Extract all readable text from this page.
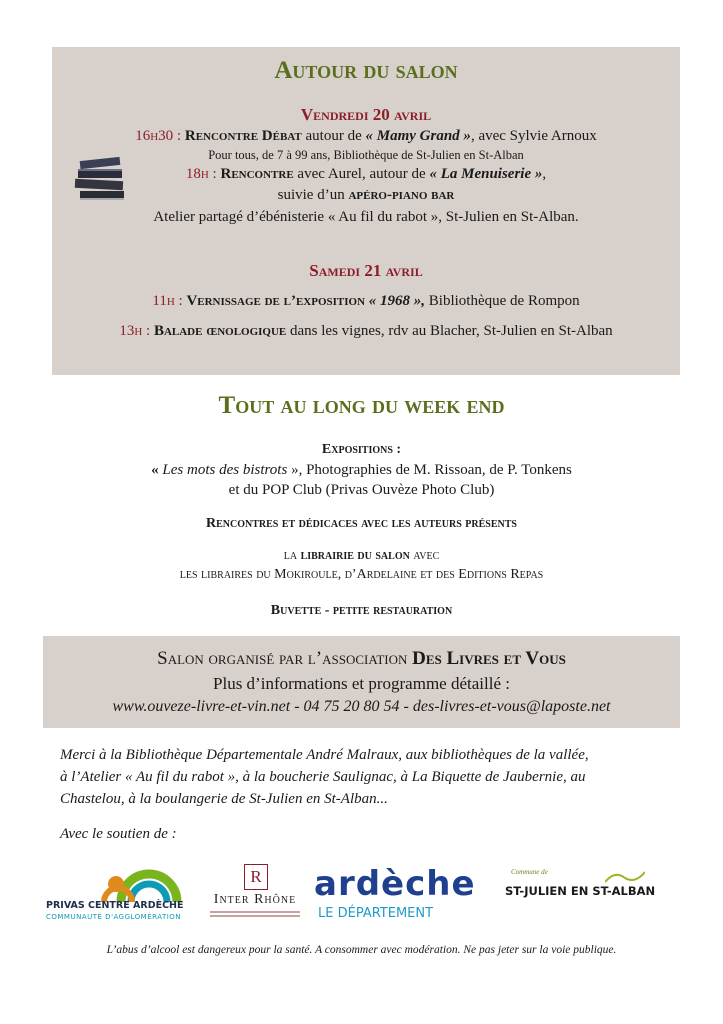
Autour du salon
Vendredi 20 avril
16h30 : Rencontre Débat autour de « Mamy Grand », avec Sylvie Arnoux
Pour tous, de 7 à 99 ans, Bibliothèque de St-Julien en St-Alban
18h : Rencontre avec Aurel, autour de « La Menuiserie »,
suivie d’un apéro-piano bar
Atelier partagé d’ébénisterie « Au fil du rabot », St-Julien en St-Alban.
Samedi 21 avril
11h : Vernissage de l’exposition « 1968 », Bibliothèque de Rompon
13h : Balade œnologique dans les vignes, rdv au Blacher, St-Julien en St-Alban
Tout au long du week end
Expositions :
« Les mots des bistrots », Photographies de M. Rissoan, de P. Tonkens
et du POP Club (Privas Ouvèze Photo Club)
Rencontres et dédicaces avec les auteurs présents
la librairie du salon avec
les libraires du Mokiroule, d’Ardelaine et des Editions Repas
Buvette - petite restauration
Salon organisé par l’association Des Livres et Vous
Plus d’informations et programme détaillé :
www.ouveze-livre-et-vin.net - 04 75 20 80 54 - des-livres-et-vous@laposte.net
Merci à la Bibliothèque Départementale André Malraux, aux bibliothèques de la vallée,
à l’Atelier « Au fil du rabot », à la boucherie Saulignac, à La Biquette de Jaubernie, au
Chastelou, à la boulangerie de St-Julien en St-Alban...
Avec le soutien de :
PRIVAS CENTRE ARDÈCHE
COMMUNAUTÉ D'AGGLOMÉRATION
R
Inter Rhône ardèche
LE DÉPARTEMENT
Commune de
ST-JULIEN EN ST-ALBAN
L’abus d’alcool est dangereux pour la santé. A consommer avec modération. Ne pas jeter sur la voie publique.
